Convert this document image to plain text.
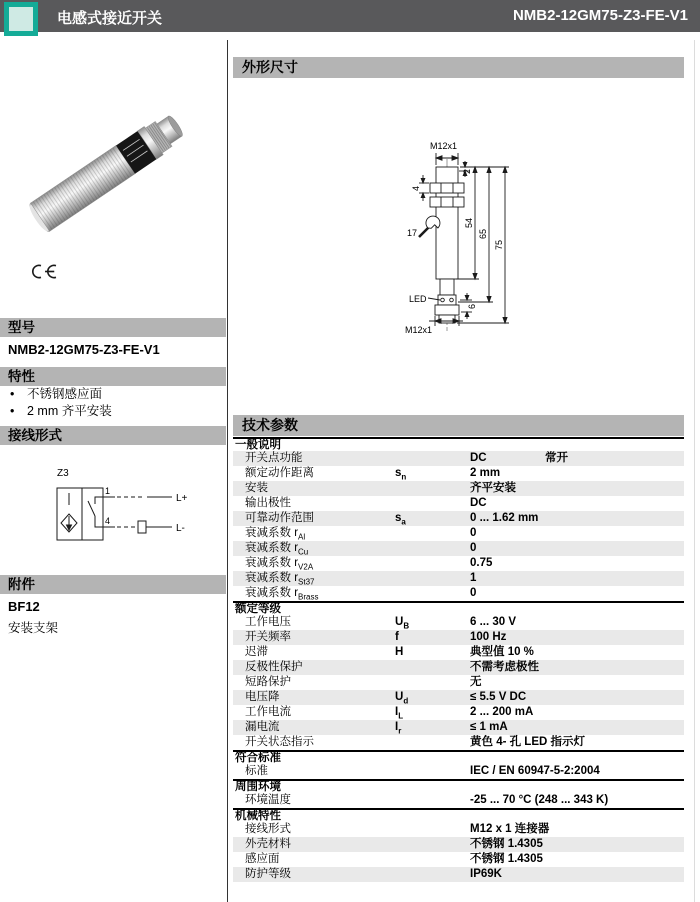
电感式接近开关	NMB2-12GM75-Z3-FE-V1
型号
NMB2-12GM75-Z3-FE-V1
特性
• 不锈钢感应面
• 2 mm 齐平安装
接线形式
Z3
1
4
L+
L-
附件
BF12
安装支架
外形尺寸
M12x1
2
4
17
54
65
75
6
LED
M12x1
技术参数
一般说明
开关点功能	DC	常开
额定动作距离	$s_n$	2 mm
安装	齐平安装
输出极性	DC
可靠动作范围	$s_a$	0 ... 1.62 mm
衰减系数 $r_{Al}$	0
衰减系数 $r_{Cu}$	0
衰减系数 $r_{V2A}$	0.75
衰减系数 $r_{St37}$	1
衰减系数 $r_{Brass}$	0
额定等级
工作电压	$U_B$	6 ... 30 V
开关频率	f	100 Hz
迟滞	H	典型值 10 %
反极性保护	不需考虑极性
短路保护	无
电压降	$U_d$	≤ 5.5 V DC
工作电流	$I_L$	2 ... 200 mA
漏电流	$I_r$	≤ 1 mA
开关状态指示	黄色 4- 孔 LED 指示灯
符合标准
标准	IEC / EN 60947-5-2:2004
周围环境
环境温度	-25 ... 70 °C (248 ... 343 K)
机械特性
接线形式	M12 x 1 连接器
外壳材料	不锈钢 1.4305
感应面	不锈钢 1.4305
防护等级	IP69K
